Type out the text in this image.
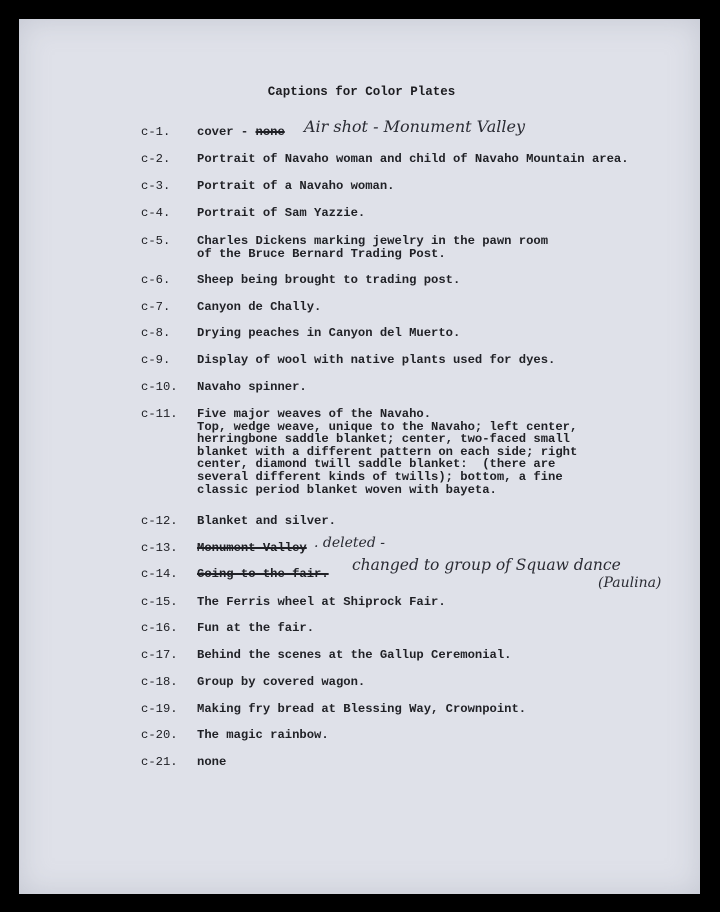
Captions for Color Plates
c-1.	cover - none Air shot - Monument Valley
c-2.	Portrait of Navaho woman and child of Navaho Mountain area.
c-3.	Portrait of a Navaho woman.
c-4.	Portrait of Sam Yazzie.
c-5.	Charles Dickens marking jewelry in the pawn room
of the Bruce Bernard Trading Post.
c-6.	Sheep being brought to trading post.
c-7.	Canyon de Chally.
c-8.	Drying peaches in Canyon del Muerto.
c-9.	Display of wool with native plants used for dyes.
c-10.	Navaho spinner.
c-11.	Five major weaves of the Navaho.
Top, wedge weave, unique to the Navaho; left center,
herringbone saddle blanket; center, two-faced small
blanket with a different pattern on each side; right
center, diamond twill saddle blanket:  (there are
several different kinds of twills); bottom, a fine
classic period blanket woven with bayeta.
c-12.	Blanket and silver.
c-13.	Monument Valley . deleted -
c-14.	Going to the fair. changed to group of Squaw dance
(Paulina)
c-15.	The Ferris wheel at Shiprock Fair.
c-16.	Fun at the fair.
c-17.	Behind the scenes at the Gallup Ceremonial.
c-18.	Group by covered wagon.
c-19.	Making fry bread at Blessing Way, Crownpoint.
c-20.	The magic rainbow.
c-21.	none
